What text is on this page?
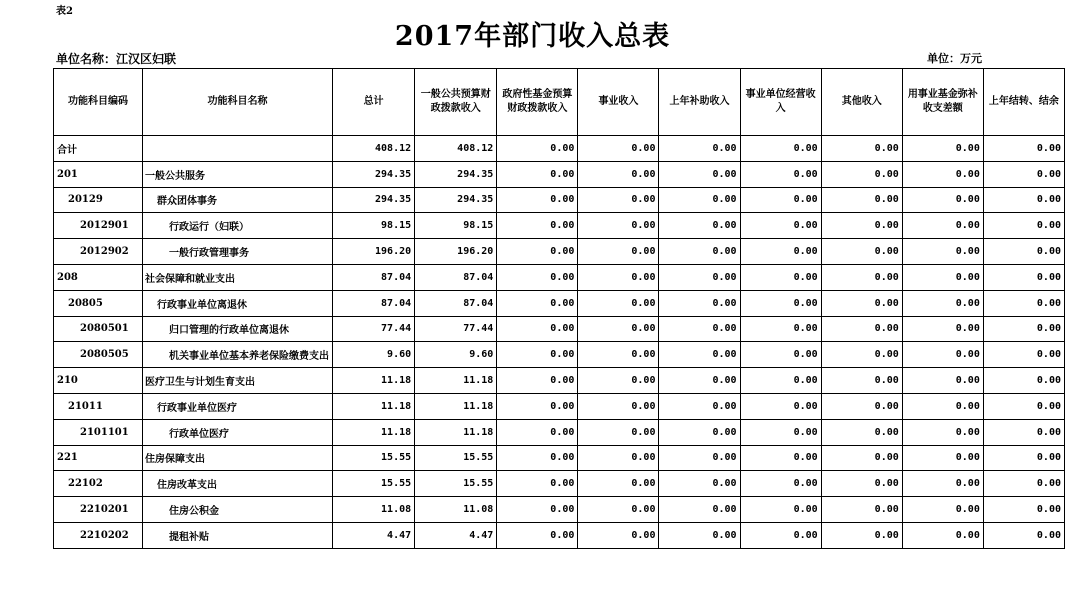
表2
2017年部门收入总表
单位名称：江汉区妇联	单位：万元
功能科目编码	功能科目名称	总计	一般公共预算财政拨款收入	政府性基金预算财政拨款收入	事业收入	上年补助收入	事业单位经营收入	其他收入	用事业基金弥补收支差额	上年结转、结余
合计		408.12	408.12	0.00	0.00	0.00	0.00	0.00	0.00	0.00
201	一般公共服务	294.35	294.35	0.00	0.00	0.00	0.00	0.00	0.00	0.00
20129	群众团体事务	294.35	294.35	0.00	0.00	0.00	0.00	0.00	0.00	0.00
2012901	行政运行（妇联）	98.15	98.15	0.00	0.00	0.00	0.00	0.00	0.00	0.00
2012902	一般行政管理事务	196.20	196.20	0.00	0.00	0.00	0.00	0.00	0.00	0.00
208	社会保障和就业支出	87.04	87.04	0.00	0.00	0.00	0.00	0.00	0.00	0.00
20805	行政事业单位离退休	87.04	87.04	0.00	0.00	0.00	0.00	0.00	0.00	0.00
2080501	归口管理的行政单位离退休	77.44	77.44	0.00	0.00	0.00	0.00	0.00	0.00	0.00
2080505	机关事业单位基本养老保险缴费支出	9.60	9.60	0.00	0.00	0.00	0.00	0.00	0.00	0.00
210	医疗卫生与计划生育支出	11.18	11.18	0.00	0.00	0.00	0.00	0.00	0.00	0.00
21011	行政事业单位医疗	11.18	11.18	0.00	0.00	0.00	0.00	0.00	0.00	0.00
2101101	行政单位医疗	11.18	11.18	0.00	0.00	0.00	0.00	0.00	0.00	0.00
221	住房保障支出	15.55	15.55	0.00	0.00	0.00	0.00	0.00	0.00	0.00
22102	住房改革支出	15.55	15.55	0.00	0.00	0.00	0.00	0.00	0.00	0.00
2210201	住房公积金	11.08	11.08	0.00	0.00	0.00	0.00	0.00	0.00	0.00
2210202	提租补贴	4.47	4.47	0.00	0.00	0.00	0.00	0.00	0.00	0.00
